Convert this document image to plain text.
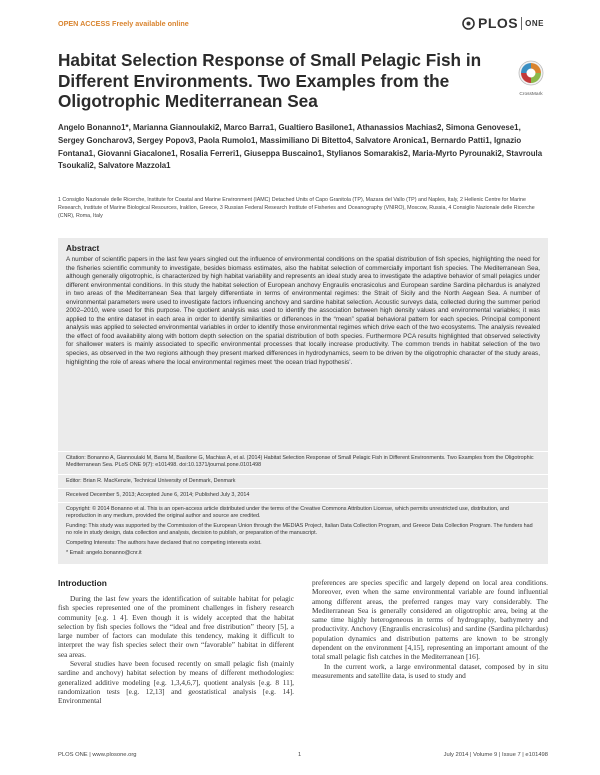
OPEN ACCESS Freely available online	PLOS ONE
Habitat Selection Response of Small Pelagic Fish in Different Environments. Two Examples from the Oligotrophic Mediterranean Sea	CrossMark
Angelo Bonanno1*, Marianna Giannoulaki2, Marco Barra1, Gualtiero Basilone1, Athanassios Machias2, Simona Genovese1, Sergey Goncharov3, Sergey Popov3, Paola Rumolo1, Massimiliano Di Bitetto4, Salvatore Aronica1, Bernardo Patti1, Ignazio Fontana1, Giovanni Giacalone1, Rosalia Ferreri1, Giuseppa Buscaino1, Stylianos Somarakis2, Maria-Myrto Pyrounaki2, Stavroula Tsoukali2, Salvatore Mazzola1
1 Consiglio Nazionale delle Ricerche, Institute for Coastal and Marine Environment (IAMC) Detached Units of Capo Granitola (TP), Mazara del Vallo (TP) and Naples, Italy, 2 Hellenic Centre for Marine Research, Institute of Marine Biological Resources, Iraklion, Greece, 3 Russian Federal Research Institute of Fisheries and Oceanography (VNIRO), Moscow, Russia, 4 Consiglio Nazionale delle Ricerche (CNR), Roma, Italy
Abstract

A number of scientific papers in the last few years singled out the influence of environmental conditions on the spatial distribution of fish species, highlighting the need for the fisheries scientific community to investigate, besides biomass estimates, also the habitat selection of commercially important fish species. The Mediterranean Sea, although generally oligotrophic, is characterized by high habitat variability and represents an ideal study area to investigate the adaptive behavior of small pelagics under different environmental conditions. In this study the habitat selection of European anchovy Engraulis encrasicolus and European sardine Sardina pilchardus is analyzed in two areas of the Mediterranean Sea that largely differentiate in terms of environmental regimes: the Strait of Sicily and the North Aegean Sea. A number of environmental parameters were used to investigate factors influencing anchovy and sardine habitat selection. Acoustic surveys data, collected during the summer period 2002–2010, were used for this purpose. The quotient analysis was used to identify the association between high density values and environmental variables; it was applied to the entire dataset in each area in order to identify similarities or differences in the “mean” spatial behavioral pattern for each species. Principal component analysis was applied to selected environmental variables in order to identify those environmental regimes which drive each of the two ecosystems. The analysis revealed the effect of food availability along with bottom depth selection on the spatial distribution of both species. Furthermore PCA results highlighted that observed selectivity for shallower waters is mainly associated to specific environmental processes that locally increase productivity. The common trends in habitat selection of the two species, as observed in the two regions although they present marked differences in hydrodynamics, seem to be driven by the oligotrophic character of the study areas, highlighting the role of areas where the local environmental regimes meet ‘the ocean triad hypothesis’.

Citation: Bonanno A, Giannoulaki M, Barra M, Basilone G, Machias A, et al. (2014) Habitat Selection Response of Small Pelagic Fish in Different Environments. Two Examples from the Oligotrophic Mediterranean Sea. PLoS ONE 9(7): e101498. doi:10.1371/journal.pone.0101498

Editor: Brian R. MacKenzie, Technical University of Denmark, Denmark

Received December 5, 2013; Accepted June 6, 2014; Published July 3, 2014

Copyright: © 2014 Bonanno et al. This is an open-access article distributed under the terms of the Creative Commons Attribution License, which permits unrestricted use, distribution, and reproduction in any medium, provided the original author and source are credited.

Funding: This study was supported by the Commission of the European Union through the MEDIAS Project, Italian Data Collection Program, and Greece Data Collection Program. The funders had no role in study design, data collection and analysis, decision to publish, or preparation of the manuscript.

Competing Interests: The authors have declared that no competing interests exist.

* Email: angelo.bonanno@cnr.it

Introduction

During the last few years the identification of suitable habitat for pelagic fish species represented one of the prominent challenges in fishery research community [e.g. 1 4]. Even though it is widely accepted that the habitat selection by fish species follows the “ideal and free distribution” theory [5], a large number of factors can modulate this tendency, making it difficult to interpret the way fish species select their own “favorable” habitat in different sea areas.

Several studies have been focused recently on small pelagic fish (mainly sardine and anchovy) habitat selection by means of different methodologies: generalized additive modeling [e.g. 1,3,4,6,7], quotient analysis [e.g. 8 11], randomization tests [e.g. 12,13] and geostatistical analysis [e.g. 14]. Environmental

preferences are species specific and largely depend on local area conditions. Moreover, even when the same environmental variable are found influential among different areas, the preferred ranges may vary considerably. The Mediterranean Sea is generally considered an oligotrophic area, being at the same time highly heterogeneous in terms of hydrography, bathymetry and productivity. Anchovy (Engraulis encrasicolus) and sardine (Sardina pilchardus) population dynamics and distribution patterns are known to be strongly dependent on the environment [4,15], representing an important amount of the total small pelagic fish catches in the Mediterranean [16].

In the current work, a large environmental dataset, composed by in situ measurements and satellite data, is used to study and

PLOS ONE | www.plosone.org	1	July 2014 | Volume 9 | Issue 7 | e101498
